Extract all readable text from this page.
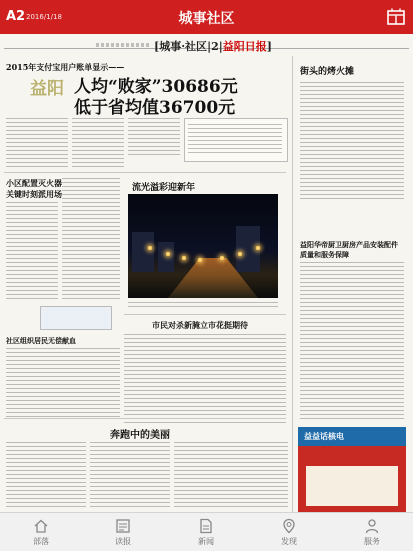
A2 2016/1/18	城事社区
[城事·社区|2|益阳日报]
2015年支付宝用户账单显示——
益阳 人均“败家”30686元
低于省均值36700元
街头的烤火摊
小区配置灭火器
关键时刻派用场
流光溢彩迎新年
益阳华帝厨卫厨房产品安装配件
质量和服务保障
市民对杀新腌立市花挺期待
社区组织居民无偿献血
奔跑中的美丽	益益话核电
部落	读报	新闻	发现	服务
